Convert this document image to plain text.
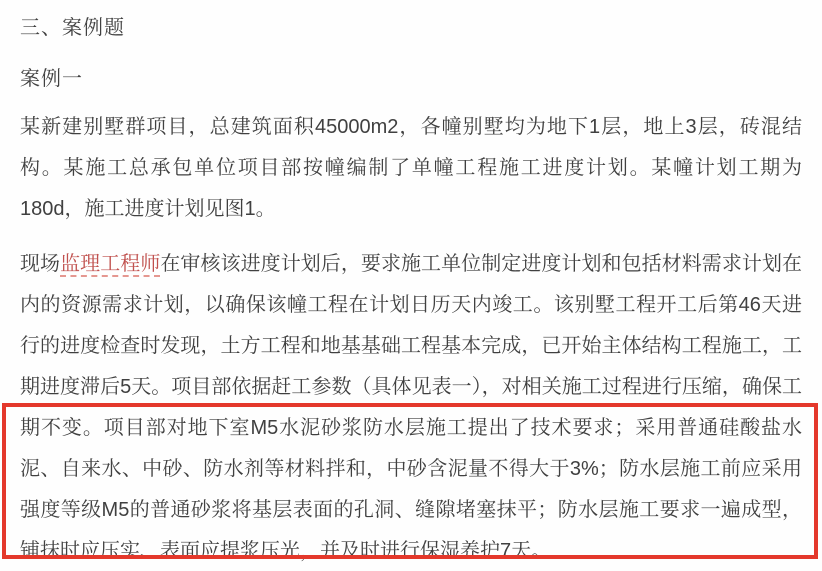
三、案例题
案例一

某新建别墅群项目，总建筑面积45000m2，各幢别墅均为地下1层，地上3层，砖混结构。某施工总承包单位项目部按幢编制了单幢工程施工进度计划。某幢计划工期为180d，施工进度计划见图1。

现场监理工程师在审核该进度计划后，要求施工单位制定进度计划和包括材料需求计划在内的资源需求计划，以确保该幢工程在计划日历天内竣工。该别墅工程开工后第46天进行的进度检查时发现，土方工程和地基基础工程基本完成，已开始主体结构工程施工，工期进度滞后5天。项目部依据赶工参数（具体见表一），对相关施工过程进行压缩，确保工期不变。项目部对地下室M5水泥砂浆防水层施工提出了技术要求；采用普通硅酸盐水泥、自来水、中砂、防水剂等材料拌和，中砂含泥量不得大于3%；防水层施工前应采用强度等级M5的普通砂浆将基层表面的孔洞、缝隙堵塞抹平；防水层施工要求一遍成型，铺抹时应压实、表面应提浆压光，并及时进行保湿养护7天。
